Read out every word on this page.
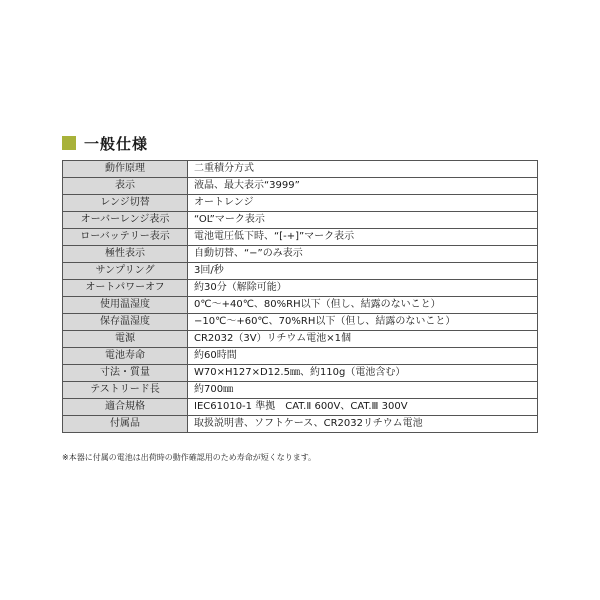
一般仕様
動作原理	二重積分方式
表示	液晶、最大表示“3999”
レンジ切替	オートレンジ
オーバーレンジ表示	“OL”マーク表示
ローバッテリー表示	電池電圧低下時、“[-+]”マーク表示
極性表示	自動切替、“−”のみ表示
サンプリング	3回/秒
オートパワーオフ	約30分（解除可能）
使用温湿度	0℃〜+40℃、80%RH以下（但し、結露のないこと）
保存温湿度	−10℃〜+60℃、70%RH以下（但し、結露のないこと）
電源	CR2032（3V）リチウム電池×1個
電池寿命	約60時間
寸法・質量	W70×H127×D12.5㎜、約110g（電池含む）
テストリード長	約700㎜
適合規格	IEC61010-1 準拠　CAT.Ⅱ 600V、CAT.Ⅲ 300V
付属品	取扱説明書、ソフトケース、CR2032リチウム電池
※本器に付属の電池は出荷時の動作確認用のため寿命が短くなります。
